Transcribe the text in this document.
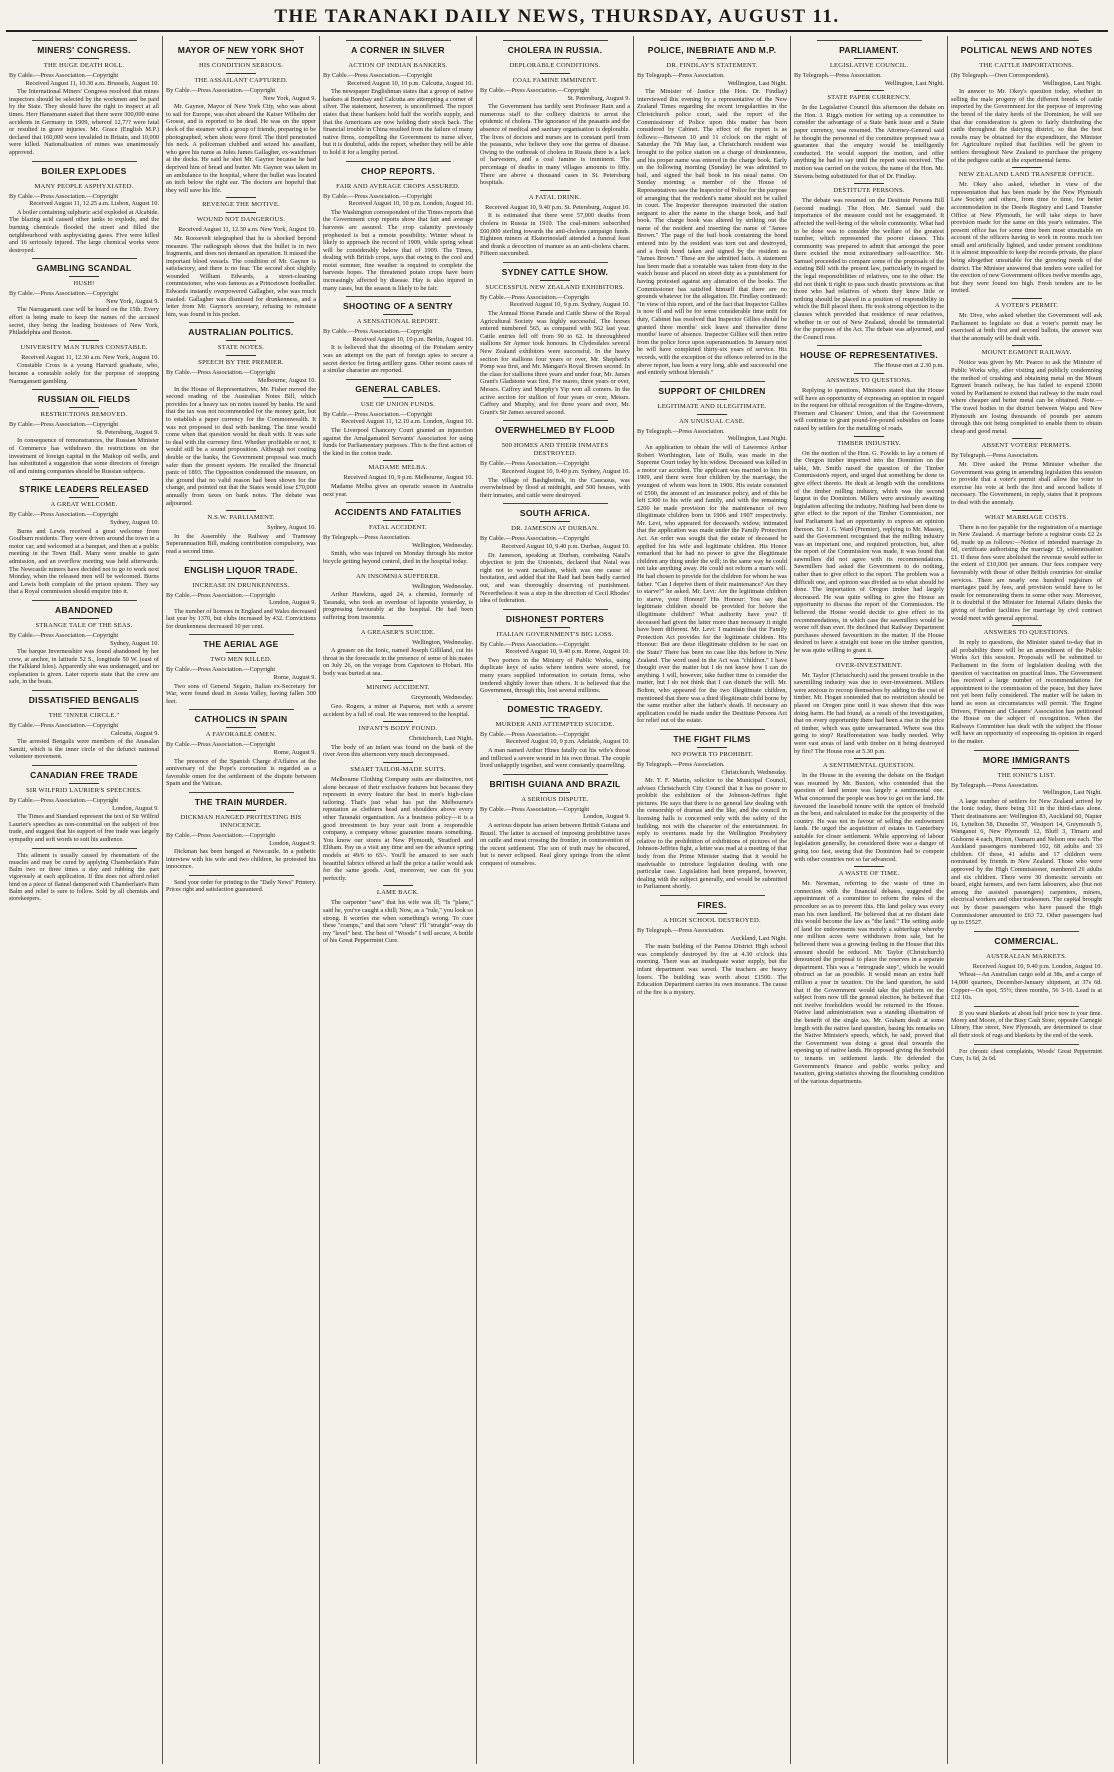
THE TARANAKI DAILY NEWS, THURSDAY, AUGUST 11.
MINERS' CONGRESS.
THE HUGE DEATH ROLL.
By Cable.—Press Association.—Copyright
Received August 11, 10.30 a.m. Brussels, August 10.

The International Miners' Congress resolved that mines inspectors should be selected by the workmen and be paid by the State. They should have the right to inspect at all times. Herr Hansmann stated that there were 300,000 mine accidents in Germany in 1909, whereof 12,7?? were fatal or resulted in grave injuries. Mr. Grace (English M.P.) declared that 160,000 were invalided in Britain, and 10,000 were killed. Nationalisation of mines was unanimously approved.

BOILER EXPLODES
MANY PEOPLE ASPHYXIATED.
By Cable.—Press Association.—Copyright
Received August 11, 12.25 a.m. Lisbon, August 10.

A boiler containing sulphuric acid exploded at Alcabide. The blazing acid caused other tanks to explode, and the burning chemicals flooded the street and filled the neighbourhood with asphyxiating gases. Five were killed and 16 seriously injured. The large chemical works were destroyed.

GAMBLING SCANDAL
HUSH!
By Cable.—Press Association.—Copyright
New York, August 9.

The Narragansett case will be heard on the 15th. Every effort is being made to keep the names of the accused secret, they being the leading hostesses of New York, Philadelphia and Boston.

UNIVERSITY MAN TURNS CONSTABLE.
Received August 11, 12.30 a.m. New York, August 10.

Constable Cross is a young Harvard graduate, who, became a constable solely for the purpose of stopping Narragansett gambling.

RUSSIAN OIL FIELDS
RESTRICTIONS REMOVED.
By Cable.—Press Association.—Copyright
St. Petersburg, August 9.

In consequence of remonstrances, the Russian Minister of Commerce has withdrawn the restrictions on the investment of foreign capital in the Maikop oil wells, and has substituted a suggestion that some directors of foreign oil and mining companies should be Russian subjects.

STRIKE LEADERS RELEASED
A GREAT WELCOME.
By Cable.—Press Association.—Copyright
Sydney, August 10.

Burns and Lewis received a great welcome from Goulburn residents. They were driven around the town in a motor car, and welcomed at a banquet, and then at a public meeting in the Town Hall. Many were unable to gain admission, and an overflow meeting was held afterwards. The Newcastle miners have decided not to go to work next Monday, when the released men will be welcomed. Burns and Lewis both complain of the prison system. They say that a Royal commission should enquire into it.

ABANDONED
STRANGE TALE OF THE SEAS.
By Cable.—Press Association.—Copyright
Sydney, August 10.

The barque Invernesshire was found abandoned by her crew, at anchor, in latitude 52 S., longitude 50 W. (east of the Falkland Isles). Apparently she was undamaged, and no explanation is given. Later reports state that the crew are safe, in the boats.

DISSATISFIED BENGALIS
THE "INNER CIRCLE."
By Cable.—Press Association.—Copyright
Calcutta, August 9.

The arrested Bengalis were members of the Anasalan Samiti, which is the inner circle of the defunct national volunteer movement.

CANADIAN FREE TRADE
SIR WILFRID LAURIER'S SPEECHES.
By Cable.—Press Association.—Copyright
London, August 9.

The Times and Standard represent the text of Sir Wilfrid Laurier's speeches as non-committal on the subject of free trade, and suggest that his support of free trade was largely sympathy and soft words to suit his audience.

This ailment is usually caused by rheumatism of the muscles and may be cured by applying Chamberlain's Pain Balm two or three times a day and rubbing the part vigorously at each application. If this does not afford relief bind on a piece of flannel dampened with Chamberlain's Pain Balm and relief is sure to follow. Sold by all chemists and storekeepers.

MAYOR OF NEW YORK SHOT
HIS CONDITION SERIOUS.
THE ASSAILANT CAPTURED.
By Cable.—Press Association.—Copyright
New York, August 9.

Mr. Gaynor, Mayor of New York City, who was about to sail for Europe, was shot aboard the Kaiser Wilhelm der Grosse, and is reported to be dead. He was on the upper deck of the steamer with a group of friends, preparing to be photographed, when shots were fired. The third penetrated his neck. A policeman clubbed and seized his assailant, who gave his name as Jules James Gallagher, ex-watchman at the docks. He said he shot Mr. Gaynor because he had deprived him of bread and butter. Mr. Gaynor was taken in an ambulance to the hospital, where the bullet was located an inch below the right ear. The doctors are hopeful that they will save his life.

REVENGE THE MOTIVE.
WOUND NOT DANGEROUS.
Received August 11, 12.30 a.m. New York, August 10.

Mr. Roosevelt telegraphed that he is shocked beyond measure. The radiograph shows that the bullet is in two fragments, and does not demand an operation. It missed the important blood vessels. The condition of Mr. Gaynor is satisfactory, and there is no fear. The second shot slightly wounded William Edwards, a street-cleaning commissioner, who was famous as a Princetown footballer. Edwards instantly overpowered Gallagher, who was much mauled. Gallagher was dismissed for drunkenness, and a letter from Mr. Gaynor's secretary, refusing to reinstate him, was found in his pocket.

AUSTRALIAN POLITICS.
STATE NOTES.
SPEECH BY THE PREMIER.
By Cable.—Press Association.—Copyright
Melbourne, August 10.

In the House of Representatives, Mr. Fisher moved the second reading of the Australian Notes Bill, which provides for a heavy tax on notes issued by banks. He said that the tax was not recommended for the money gain, but to establish a paper currency for the Commonwealth. It was not proposed to deal with banking. The time would come when that question would be dealt with. It was safe to deal with the currency first. Whether profitable or not, it would still be a sound proposition. Although not costing double or the banks, the Government proposal was much safer than the present system. He recalled the financial panic of 1893. The Opposition condemned the measure, on the ground that no valid reason had been shown for the change, and pointed out that the States would lose £70,000 annually from taxes on bank notes. The debate was adjourned.

N.S.W. PARLIAMENT.
Sydney, August 10.

In the Assembly the Railway and Tramway Superannuation Bill, making contribution compulsory, was read a second time.

ENGLISH LIQUOR TRADE.
INCREASE IN DRUNKENNESS.
By Cable.—Press Association.—Copyright
London, August 9.

The number of licenses in England and Wales decreased last year by 1370, but clubs increased by 432. Convictions for drunkenness decreased 10 per cent.

THE AERIAL AGE
TWO MEN KILLED.
By Cable.—Press Association.—Copyright
Rome, August 9.

Two sons of General Segato, Italian ex-Secretary for War, were found dead in Aosta Valley, having fallen 300 feet.

CATHOLICS IN SPAIN
A FAVORABLE OMEN.
By Cable.—Press Association.—Copyright
Rome, August 9.

The presence of the Spanish Charge d'Affaires at the anniversary of the Pope's coronation is regarded as a favorable omen for the settlement of the dispute between Spain and the Vatican.

THE TRAIN MURDER.
DICKMAN HANGED PROTESTING HIS INNOCENCE.
By Cable.—Press Association.—Copyright
London, August 9.

Dickman has been hanged at Newcastle. In a pathetic interview with his wife and two children, he protested his innocence.

Send your order for printing to the "Daily News" Printery. Prices right and satisfaction guaranteed.

A CORNER IN SILVER
ACTION OF INDIAN BANKERS.
By Cable.—Press Association.—Copyright
Received August 10, 10 p.m. Calcutta, August 10.

The newspaper Englishman states that a group of native bankers at Bombay and Calcutta are attempting a corner of silver. The statement, however, is unconfirmed. The report states that these bankers hold half the world's supply, and that the Americans are now holding their stock back. The financial trouble in China resulted from the failure of many native firms, compelling the Government to nurse silver, but it is doubtful, adds the report, whether they will be able to hold it for a lengthy period.

CHOP REPORTS.
FAIR AND AVERAGE CROPS ASSURED.
By Cable.—Press Association.—Copyright
Received August 10, 10 p.m. London, August 10.

The Washington correspondent of the Times reports that the Government crop reports show that fair and average harvests are assured. The crop calamity previously prophesied is but a remote possibility. Winter wheat is likely to approach the record of 1909, while spring wheat will be considerably below that of 1909. The Times, dealing with British crops, says that owing to the cool and moist summer, fine weather is required to complete the harvests hopes. The threatened potato crops have been increasingly affected by disease. Hay is also injured in many cases, but the season is likely to be fair.

SHOOTING OF A SENTRY
A SENSATIONAL REPORT.
By Cable.—Press Association.—Copyright
Received August 10, 10 p.m. Berlin, August 10.

It is believed that the shooting of the Potsdam sentry was an attempt on the part of foreign spies to secure a secret device for firing artillery guns. Other recent cases of a similar character are reported.

GENERAL CABLES.
USE OF UNION FUNDS.
By Cable.—Press Association.—Copyright
Received August 11, 12.10 a.m. London, August 10.

The Liverpool Chancery Court granted an injunction against the Amalgamated Servants' Association for using funds for Parliamentary purposes. This is the first action of the kind in the cotton trade.

MADAME MELBA.
Received August 10, 9 p.m. Melbourne, August 10.

Madame Melba gives an operatic season in Australia next year.

ACCIDENTS AND FATALITIES
FATAL ACCIDENT.
By Telegraph.—Press Association.
Wellington, Wednesday.

Smith, who was injured on Monday through his motor bicycle getting beyond control, died in the hospital today.

AN INSOMNIA SUFFERER.
Wellington, Wednesday.

Arthur Hawkins, aged 24, a chemist, formerly of Taranaki, who took an overdose of laponite yesterday, is progressing favourably at the hospital. He had been suffering from insomnia.

A GREASER'S SUICIDE.
Wellington, Wednesday.

A greaser on the Ionic, named Joseph Gilliland, cut his throat in the forecastle in the presence of some of his mates on July 26, on the voyage from Capetown to Hobart. His body was buried at sea.

MINING ACCIDENT.
Greymouth, Wednesday.

Geo. Rogers, a miner at Paparoa, met with a severe accident by a fall of coal. He was removed to the hospital.

INFANT'S BODY FOUND.
Christchurch, Last Night.

The body of an infant was found on the bank of the river Avon this afternoon very much decomposed.

SMART TAILOR-MADE SUITS.

Melbourne Clothing Company suits are distinctive, not alone because of their exclusive features but because they represent in every feature the best in men's high-class tailoring. That's just what has put the Melbourne's reputation as clothiers head and shoulders above every other Taranaki organisation. As a business policy—it is a good investment to buy your suit from a responsible company, a company whose guarantee means something. You know our stores at New Plymouth, Stratford and Eltham. Pay us a visit any time and see the advance spring models at 49/6 to 65/-. You'll be amazed to see such beautiful fabrics offered at half the price a tailor would ask for the same goods. And, moreover, we can fit you perfectly.

LAME BACK.

The carpenter "saw" that his wife was ill; "Is "plane," said he, you've caught a chill; Now, as a "rule," you look so strong. It worries me when something's wrong. To cure these "cramps," and that sore "chest" I'll "straight"-way do my "level" best. The best of "Woods" I will secure, A bottle of his Great Peppermint Cure.

CHOLERA IN RUSSIA.
DEPLORABLE CONDITIONS.
COAL FAMINE IMMINENT.
By Cable.—Press Association.—Copyright
St. Petersburg, August 9.

The Government has tardily sent Professor Rain and a numerous staff to the colliery districts to arrest the epidemic of cholera. The ignorance of the peasants and the absence of medical and sanitary organisation is deplorable. The lives of doctors and nurses are in constant peril from the peasants, who believe they sow the germs of disease. Owing to the outbreak of cholera in Russia there is a lack of harvesters, and a coal famine is imminent. The percentage of deaths in many villages amounts to fifty. There are above a thousand cases in St. Petersburg hospitals.

A FATAL DRINK.
Received August 10, 9.40 p.m. St. Petersburg, August 10.

It is estimated that there were 57,000 deaths from cholera in Russia in 1910. The coal-miners subscribed £60,000 sterling towards the anti-cholera campaign funds. Eighteen miners at Ekaterinoslaff attended a funeral feast and drank a decoction of manure as an anti-cholera charm. Fifteen succumbed.

SYDNEY CATTLE SHOW.
SUCCESSFUL NEW ZEALAND EXHIBITORS.
By Cable.—Press Association.—Copyright
Received August 10, 9 p.m. Sydney, August 10.

The Annual Horse Parade and Cattle Show of the Royal Agricultural Society was highly successful. The horses entered numbered 565, as compared with 562 last year. Cattle entries fell off from 90 to 62. In thoroughbred stallions Sir Aymer took honours. In Clydesdales several New Zealand exhibitors were successful. In the heavy section for stallions four years or over, Mr. Shepherd's Pomp was first, and Mr. Mangan's Royal Brown second. In the class for stallions three years and under four, Mr. James Grant's Gladstone was first. For mares, three years or over, Messrs. Caffrey and Murphy's Yip won all comers. In the active section for stallion of four years or over, Messrs. Caffrey and Murphy, and for three years and over, Mr. Grant's Sir James secured second.

OVERWHELMED BY FLOOD
500 HOMES AND THEIR INMATES DESTROYED.
By Cable.—Press Association.—Copyright
Received August 10, 9.40 p.m. Sydney, August 10.

The village of Bashgheinsk, in the Caucasus, was overwhelmed by flood at midnight, and 500 houses, with their inmates, and cattle were destroyed.

SOUTH AFRICA.
DR. JAMESON AT DURBAN.
By Cable.—Press Association.—Copyright
Received August 10, 9.40 p.m. Durban, August 10.

Dr. Jameson, speaking at Durban, combating Natal's objection to join the Unionists, declared that Natal was right not to want racialism, which was one cause of hesitation, and added that the Raid had been badly carried out, and was thoroughly deserving of punishment. Nevertheless it was a step in the direction of Cecil Rhodes' idea of federation.

DISHONEST PORTERS
ITALIAN GOVERNMENT'S BIG LOSS.
By Cable.—Press Association.—Copyright
Received August 10, 9.40 p.m. Rome, August 10.

Two porters in the Ministry of Public Works, using duplicate keys of safes where tenders were stored, for many years supplied information to certain firms, who tendered slightly lower than others. It is believed that the Government, through this, lost several millions.

DOMESTIC TRAGEDY.
MURDER AND ATTEMPTED SUICIDE.
By Cable.—Press Association.—Copyright
Received August 10, 9 p.m. Adelaide, August 10.

A man named Arthur Hines fatally cut his wife's throat and inflicted a severe wound in his own throat. The couple lived unhappily together, and were constantly quarrelling.

BRITISH GUIANA AND BRAZIL
A SERIOUS DISPUTE.
By Cable.—Press Association.—Copyright
London, August 9.

A serious dispute has arisen between British Guiana and Brazil. The latter is accused of imposing prohibitive taxes on cattle and meat crossing the frontier, in contravention of the recent settlement. The son of truth may be obscured, but is never eclipsed. Real glory springs from the silent conquest of ourselves.

POLICE, INEBRIATE AND M.P.
DR. FINDLAY'S STATEMENT.
By Telegraph.—Press Association.
Wellington, Last Night.

The Minister of Justice (the Hon. Dr. Findlay) interviewed this evening by a representative of the New Zealand Times regarding the recent irregularities in the Christchurch police court, said the report of the Commissioner of Police upon this matter has been considered by Cabinet. The effect of the report is as follows:—Between 10 and 11 o'clock on the night of Saturday the 7th May last, a Christchurch resident was brought to the police station on a charge of drunkenness, and his proper name was entered in the charge book. Early on the following morning (Sunday) he was admitted to bail, and signed the bail book in his usual name. On Sunday morning a member of the House of Representatives saw the Inspector of Police for the purpose of arranging that the resident's name should not be called in court. The Inspector thereupon instructed the station sergeant to alter the name in the charge book, and bail book. The charge book was altered by striking out the name of the resident and inserting the name of "James Brown." The page of the bail book containing the bond entered into by the resident was torn out and destroyed, and a fresh bond taken and signed by the resident as "James Brown." These are the admitted facts. A statement has been made that a constable was taken from duty in the watch house and placed on street duty as a punishment for having protested against any alteration of the books. The Commissioner has satisfied himself that there are no grounds whatever for the allegation. Dr. Findlay continued: "In view of this report, and of the fact that Inspector Gillies is now ill and will be for some considerable time unfit for duty, Cabinet has resolved that Inspector Gillies should be granted three months' sick leave and thereafter three months' leave of absence. Inspector Gillies will then retire from the police force upon superannuation. In January next he will have completed thirty-six years of service. His records, with the exception of the offence referred to in the above report, has been a very long, able and successful one and entirely without blemish."

SUPPORT OF CHILDREN
LEGITIMATE AND ILLEGITIMATE.
AN UNUSUAL CASE.
By Telegraph.—Press Association.
Wellington, Last Night.

An application to obtain the will of Lawrence Arthur Robert Worthington, late of Bulls, was made in the Supreme Court today by his widow. Deceased was killed in a motor car accident. The applicant was married to him in 1909, and there were four children by the marriage, the youngest of whom was born in 1906. His estate consisted of £500, the amount of an insurance policy, and of this he left £300 to his wife and family, and with the remaining £200 he made provision for the maintenance of two illegitimate children born in 1906 and 1907 respectively. Mr. Levi, who appeared for deceased's widow, intimated that the application was made under the Family Protection Act. An order was sought that the estate of deceased be applied for his wife and legitimate children. His Honor remarked that he had no power to give the illegitimate children any thing under the will; in the same way he could not take anything away. He could not reform a man's will. He had chosen to provide for the children for whom he was father. "Can I deprive them of their maintenance? Are they to starve?" he asked. Mr. Levi: Are the legitimate children to starve, your Honour? His Honour: You say that legitimate children should be provided for before the illegitimate children? What authority have you? If deceased had given the latter more than necessary it might have been different. Mr. Levi: I maintain that the Family Protection Act provides for the legitimate children. His Honour: But are these illegitimate children to be cast on the State? There has been no case like this before in New Zealand. The word used in the Act was "children." I have thought over the matter but I do not know how I can do anything. I will, however, take further time to consider the matter, but I do not think that I can disturb the will. Mr. Bolton, who appeared for the two illegitimate children, mentioned that there was a third illegitimate child borne by the same mother after the father's death. If necessary an application could be made under the Destitute Persons Act for relief out of the estate.

THE FIGHT FILMS
NO POWER TO PROHIBIT.
By Telegraph.—Press Association.
Christchurch, Wednesday.

Mr. T. F. Martin, solicitor to the Municipal Council, advises Christchurch City Council that it has no power to prohibit the exhibition of the Johnson-Jeffries fight pictures. He says that there is no general law dealing with the censorship of dramas and the like, and the council in licensing halls is concerned only with the safety of the building, not with the character of the entertainment. In reply to overtures made by the Wellington Presbytery relative to the prohibition of exhibitions of pictures of the Johnson-Jeffries fight, a letter was read at a meeting of that body from the Prime Minister stating that it would be inadvisable to introduce legislation dealing with one particular case. Legislation had been prepared, however, dealing with the subject generally, and would be submitted to Parliament shortly.

FIRES.
A HIGH SCHOOL DESTROYED.
By Telegraph.—Press Association.
Auckland, Last Night.

The main building of the Paeroa District High school was completely destroyed by fire at 4.30 o'clock this morning. There was an inadequate water supply, but the infant department was saved. The teachers are heavy losers. The building was worth about £1500. The Education Department carries its own insurance. The cause of the fire is a mystery.

PARLIAMENT.
LEGISLATIVE COUNCIL.
By Telegraph.—Press Association.
Wellington, Last Night.
STATE PAPER CURRENCY.

In the Legislative Council this afternoon the debate on the Hon. J. Rigg's motion for setting up a committee to consider the advantage of a State bank issue and a State paper currency, was resumed. The Attorney-General said he thought the personnel of the committee proposed was a guarantee that the enquiry would be intelligently conducted. He would support the motion, and offer anything he had to say until the report was received. The motion was carried on the voices, the name of the Hon. Mr. Stevens being substituted for that of Dr. Findlay.

DESTITUTE PERSONS.

The debate was resumed on the Destitute Persons Bill (second reading). The Hon. Mr. Samuel said the importance of the measure could not be exaggerated. It affected the well-being of the whole community. What had to be done was to consider the welfare of the greatest number, which represented the poorer classes. This community was prepared to admit that amongst the poor there existed the most extraordinary self-sacrifice. Mr. Samuel proceeded to compare some of the proposals of the existing Bill with the present law, particularly in regard to the legal responsibilities of relatives, one to the other. He did not think it right to pass such drastic provisions as that those who had relatives of whom they knew little or nothing should be placed in a position of responsibility in which the Bill placed them. He took strong objection to the clauses which provided that residence of near relatives, whether in or out of New Zealand, should be immaterial for the purposes of the Act. The debate was adjourned, and the Council rose.

HOUSE OF REPRESENTATIVES.
The House met at 2.30 p.m.
ANSWERS TO QUESTIONS.

Replying to questions, Ministers stated that the House will have an opportunity of expressing an opinion in regard to the request for official recognition of the Engine-drivers, Firemen and Cleaners' Union, and that the Government will continue to grant pound-for-pound subsidies on loans raised by settlers for the metalling of roads.

TIMBER INDUSTRY.

On the motion of the Hon. G. Fowlds to lay a return of the Oregon timber imported into the Dominion on the table, Mr. Smith raised the question of the Timber Commission's report, and urged that something be done to give effect thereto. He dealt at length with the conditions of the timber milling industry, which was the second largest in the Dominion. Millers were anxiously awaiting legislation affecting the industry. Nothing had been done to give effect to the report of the Timber Commission, nor had Parliament had an opportunity to express an opinion thereon. Sir J. G. Ward (Premier), replying to Mr. Massey, said the Government recognised that the milling industry was an important one, and required protection, but, after the report of the Commission was made, it was found that sawmillers did not agree with its recommendations. Sawmillers had asked the Government to do nothing, rather than to give effect to the report. The problem was a difficult one, and opinion was divided as to what should be done. The importation of Oregon timber had largely decreased. He was quite willing to give the House an opportunity to discuss the report of the Commission. He believed the House would decide to give effect to its recommendations, in which case the sawmillers would be worse off than ever. He declined that Railway Department purchases showed favouritism in the matter. If the House desired to have a straight out issue on the timber question, he was quite willing to grant it.

OVER-INVESTMENT.

Mr. Taylor (Christchurch) said the present trouble in the sawmilling industry was due to over-investment. Millers were anxious to recoup themselves by adding to the cost of timber. Mr. Hogan contended that no restriction should be placed on Oregon pine until it was shown that this was doing harm. He had found, as a result of the investigation, that on every opportunity there had been a rise in the price of timber, which was quite unwarranted. Where was this going to stop? Reafforestation was badly needed. Why were vast areas of land with timber on it being destroyed by fire? The House rose at 5.30 p.m.

A SENTIMENTAL QUESTION.

In the House in the evening the debate on the Budget was resumed by Mr. Buxton, who contended that the question of land tenure was largely a sentimental one. What concerned the people was how to get on the land. He favoured the leasehold tenure with the option of freehold as the best, and calculated to make for the prosperity of the country. He was not in favour of selling the endowment lands. He urged the acquisition of estates in Canterbury suitable for closer settlement. While approving of labour legislation generally, he considered there was a danger of going too fast, seeing that the Dominion had to compete with other countries not so far advanced.

A WASTE OF TIME.

Mr. Newman, referring to the waste of time in connection with the financial debates, suggested the appointment of a committee to reform the rules of the procedure so as to prevent this. His land policy was every man his own landlord. He believed that at no distant date this would become the law as "the land." The setting aside of land for endowments was merely a subterfuge whereby one million acres were withdrawn from sale, but he believed there was a growing feeling in the House that this amount should be reduced. Mr. Taylor (Christchurch) denounced the proposal to place the reserves in a separate department. This was a "retrograde step", which he would obstruct as far as possible. It would mean an extra half million a year in taxation. On the land question, he said that if the Government would take the platform on the subject from now till the general election, he believed that not twelve freeholders would be returned to the House. Native land administration was a standing illustration of the benefit of the single tax. Mr. Graham dealt at some length with the native land question, basing his remarks on the Native Minister's speech, which, he said, proved that the Government was doing a great deal towards the opening up of native lands. He opposed giving the freehold to tenants on settlement lands. He defended the Government's finance and public works policy and taxation, giving statistics showing the flourishing condition of the various departments.

POLITICAL NEWS AND NOTES
THE CATTLE IMPORTATIONS.
(By Telegraph.—Own Correspondent).
Wellington, Last Night.

In answer to Mr. Okey's question today, whether in selling the male progeny of the different breeds of cattle imported by the Government for the purpose of improving the breed of the dairy herds of the Dominion, he will see that due consideration is given to fairly distributing the cattle throughout the dairying district, so that the best results may be obtained for the expenditure, the Minister for Agriculture replied that facilities will be given to settlers throughout New Zealand to purchase the progeny of the pedigree cattle at the experimental farms.

NEW ZEALAND LAND TRANSFER OFFICE.

Mr. Okey also asked, whether in view of the representation that has been made by the New Plymouth Law Society and others, from time to time, for better accommodation in the Deeds Registry and Land Transfer Office at New Plymouth, he will take steps to have provision made for the same on this year's estimates. The present office has for some time been most unsuitable on account of the officers having to work in rooms much too small and artificially lighted, and under present conditions it is almost impossible to keep the records private, the place being altogether unsuitable for the growing needs of the district. The Minister answered that tenders were called for the erection of new Government offices twelve months ago, but they were found too high. Fresh tenders are to be invited.

A VOTER'S PERMIT.

Mr. Dive, who asked whether the Government will ask Parliament to legislate so that a voter's permit may be exercised at both first and second ballots, the answer was that the anomaly will be dealt with.

MOUNT EGMONT RAILWAY.

Notice was given by Mr. Pearce to ask the Minister of Public Works why, after visiting and publicly condemning the method of crushing and obtaining metal on the Mount Egmont branch railway, he has failed to expend £5000 voted by Parliament to extend that railway to the main road where cheaper and better metal can be obtained. Note.—The travel bodies in the district between Waipu and New Plymouth are losing thousands of pounds per annum through this not being completed to enable them to obtain cheap and good metal.

ABSENT VOTERS' PERMITS.
By Telegraph.—Press Association.

Mr. Dive asked the Prime Minister whether the Government was going in amending legislation this session to provide that a voter's permit shall allow the voter to exercise his vote at both the first and second ballots if necessary. The Government, in reply, states that it proposes to deal with the anomaly.

WHAT MARRIAGE COSTS.

There is no fee payable for the registration of a marriage in New Zealand. A marriage before a registrar costs £2 2s 6d, made up as follows:—Notice of intended marriage 2s 6d, certificate authorising the marriage £1, solemnisation £1. If these fees were abolished the revenue would suffer to the extent of £10,000 per annum. Our fees compare very favourably with those of other British countries for similar services. There are nearly one hundred registrars of marriages paid by fees, and provision would have to be made for remunerating them in some other way. Moreover, it is doubtful if the Minister for Internal Affairs thinks the giving of further facilities for marriage by civil contract would meet with general approval.

ANSWERS TO QUESTIONS.

In reply to questions, the Minister stated to-day that in all probability there will be an amendment of the Public Works Act this session. Proposals will be submitted to Parliament in the form of legislation dealing with the question of vaccination on practical lines. The Government has received a large number of recommendations for appointment to the commission of the peace, but they have not yet been fully considered. The matter will be taken in hand as soon as circumstances will permit. The Engine Drivers, Firemen and Cleaners' Association has petitioned the House on the subject of recognition. When the Railways Committee has dealt with the subject the House will have an opportunity of expressing its opinion in regard to the matter.

MORE IMMIGRANTS
THE IONIC'S LIST.
By Telegraph.—Press Association.
Wellington, Last Night.

A large number of settlers for New Zealand arrived by the Ionic today, there being 311 in the third-class alone. Their destinations are: Wellington 83, Auckland 60, Napier 16, Lyttelton 58, Dunedin 37, Westport 14, Greymouth 5, Wanganui 6, New Plymouth 12, Bluff 3, Timaru and Gisborne 4 each, Picton, Oamaru and Nelson one each. The Auckland passengers numbered 102, 68 adults and 33 children. Of these, 41 adults and 17 children were nominated by friends in New Zealand. Those who were approved by the High Commissioner, numbered 26 adults and six children. There were 30 domestic servants on board, eight farmers, and two farm labourers, also (but not among the assisted passengers) carpenters, miners, electrical workers and other tradesmen. The capital brought out by those passengers who have passed the High Commissioner amounted to £63 72. Other passengers had up to £5527.

COMMERCIAL.
AUSTRALIAN MARKETS.
Received August 10, 9.40 p.m. London, August 10.

Wheat—An Australian cargo sold at 38s, and a cargo of 14,000 quarters, December-January shipment, at 37s 6d. Copper—On spot, 55½; three months, 56 3-16. Lead is at £12 10s.

If you want blankets at about half price now is your time. Morey and Moore, of the Busy Cash Store, opposite Carnegie Library, Hue street, New Plymouth, are determined to clear all their stock of rugs and blankets by the end of the week.

For chronic chest complaints, Woods' Great Peppermint Cure, 1s 6d, 2s 6d.
